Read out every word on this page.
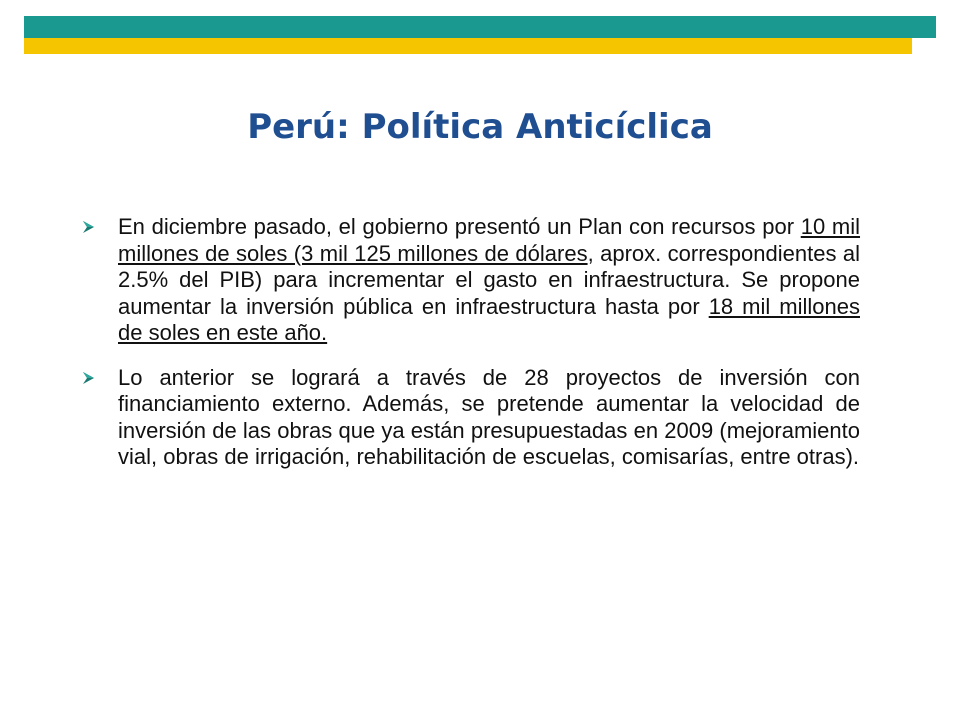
Perú: Política Anticíclica

En diciembre pasado, el gobierno presentó un Plan con recursos por 10 mil millones de soles (3 mil 125 millones de dólares, aprox. correspondientes al 2.5% del PIB) para incrementar el gasto en infraestructura. Se propone aumentar la inversión pública en infraestructura hasta por 18 mil millones de soles en este año.

Lo anterior se logrará a través de 28 proyectos de inversión con financiamiento externo. Además, se pretende aumentar la velocidad de inversión de las obras que ya están presupuestadas en 2009 (mejoramiento vial, obras de irrigación, rehabilitación de escuelas, comisarías, entre otras).
